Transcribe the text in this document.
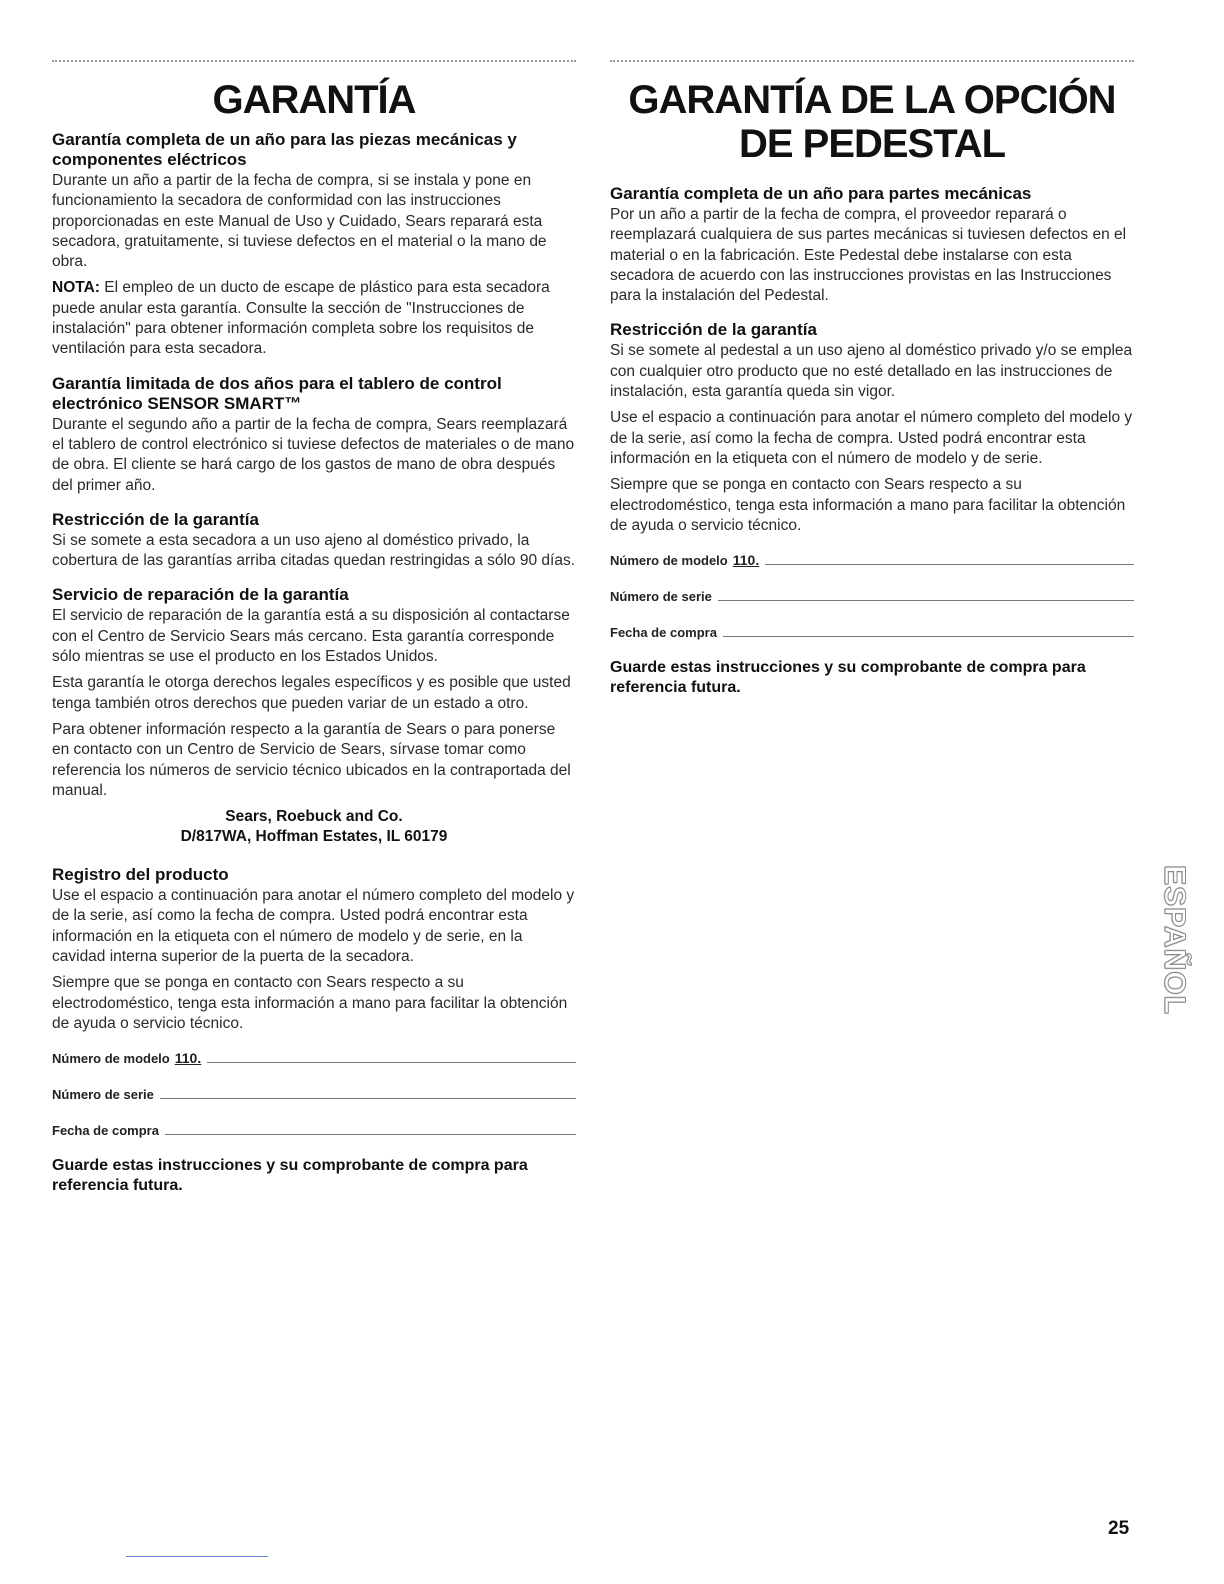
GARANTÍA
Garantía completa de un año para las piezas mecánicas y componentes eléctricos

Durante un año a partir de la fecha de compra, si se instala y pone en funcionamiento la secadora de conformidad con las instrucciones proporcionadas en este Manual de Uso y Cuidado, Sears reparará esta secadora, gratuitamente, si tuviese defectos en el material o la mano de obra.

NOTA: El empleo de un ducto de escape de plástico para esta secadora puede anular esta garantía. Consulte la sección de "Instrucciones de instalación" para obtener información completa sobre los requisitos de ventilación para esta secadora.

Garantía limitada de dos años para el tablero de control electrónico SENSOR SMART™

Durante el segundo año a partir de la fecha de compra, Sears reemplazará el tablero de control electrónico si tuviese defectos de materiales o de mano de obra. El cliente se hará cargo de los gastos de mano de obra después del primer año.

Restricción de la garantía

Si se somete a esta secadora a un uso ajeno al doméstico privado, la cobertura de las garantías arriba citadas quedan restringidas a sólo 90 días.

Servicio de reparación de la garantía

El servicio de reparación de la garantía está a su disposición al contactarse con el Centro de Servicio Sears más cercano. Esta garantía corresponde sólo mientras se use el producto en los Estados Unidos.

Esta garantía le otorga derechos legales específicos y es posible que usted tenga también otros derechos que pueden variar de un estado a otro.

Para obtener información respecto a la garantía de Sears o para ponerse en contacto con un Centro de Servicio de Sears, sírvase tomar como referencia los números de servicio técnico ubicados en la contraportada del manual.

Sears, Roebuck and Co.
D/817WA, Hoffman Estates, IL 60179
Registro del producto

Use el espacio a continuación para anotar el número completo del modelo y de la serie, así como la fecha de compra. Usted podrá encontrar esta información en la etiqueta con el número de modelo y de serie, en la cavidad interna superior de la puerta de la secadora.

Siempre que se ponga en contacto con Sears respecto a su electrodoméstico, tenga esta información a mano para facilitar la obtención de ayuda o servicio técnico.

Número de modelo 110.
Número de serie
Fecha de compra

Guarde estas instrucciones y su comprobante de compra para referencia futura.

GARANTÍA DE LA OPCIÓN
DE PEDESTAL
Garantía completa de un año para partes mecánicas

Por un año a partir de la fecha de compra, el proveedor reparará o reemplazará cualquiera de sus partes mecánicas si tuviesen defectos en el material o en la fabricación. Este Pedestal debe instalarse con esta secadora de acuerdo con las instrucciones provistas en las Instrucciones para la instalación del Pedestal.

Restricción de la garantía

Si se somete al pedestal a un uso ajeno al doméstico privado y/o se emplea con cualquier otro producto que no esté detallado en las instrucciones de instalación, esta garantía queda sin vigor.

Use el espacio a continuación para anotar el número completo del modelo y de la serie, así como la fecha de compra. Usted podrá encontrar esta información en la etiqueta con el número de modelo y de serie.

Siempre que se ponga en contacto con Sears respecto a su electrodoméstico, tenga esta información a mano para facilitar la obtención de ayuda o servicio técnico.

Número de modelo 110.
Número de serie
Fecha de compra

Guarde estas instrucciones y su comprobante de compra para referencia futura.

ESPAÑOL
25
